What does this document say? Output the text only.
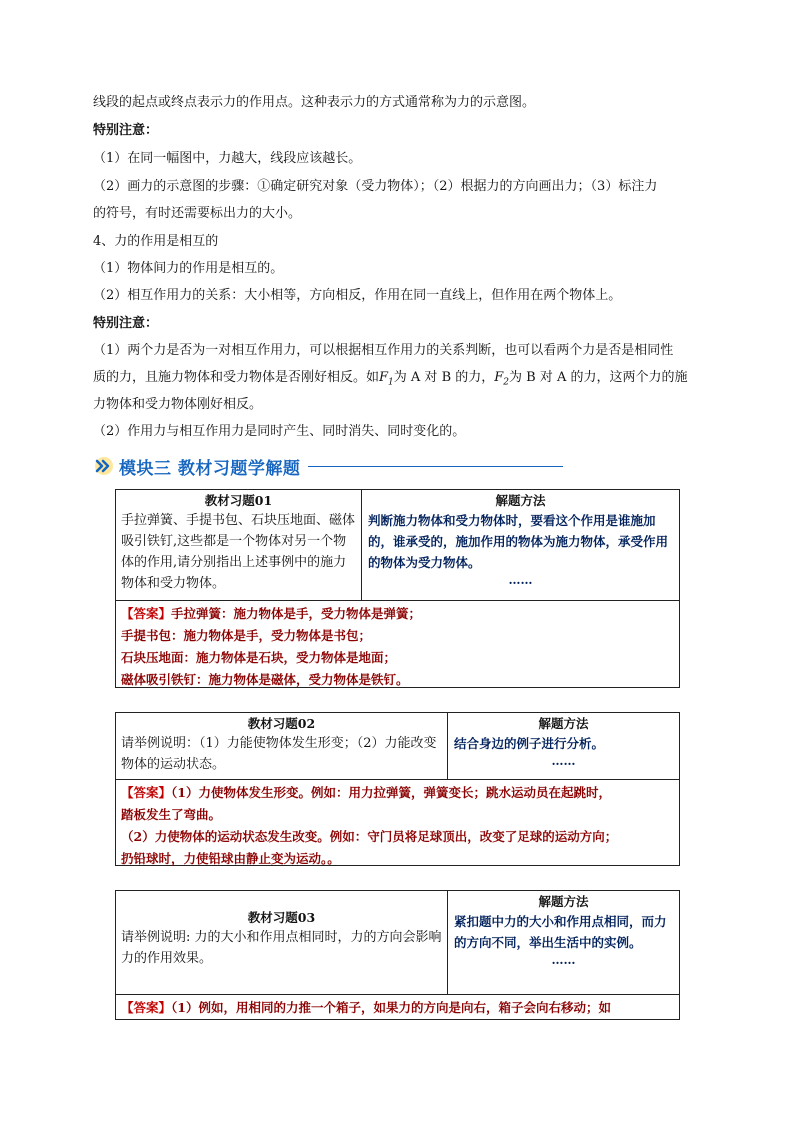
线段的起点或终点表示力的作用点。这种表示力的方式通常称为力的示意图。
特别注意：
（1）在同一幅图中，力越大，线段应该越长。
（2）画力的示意图的步骤：①确定研究对象（受力物体）；（2）根据力的方向画出力；（3）标注力
的符号，有时还需要标出力的大小。
4、力的作用是相互的
（1）物体间力的作用是相互的。
（2）相互作用力的关系：大小相等，方向相反，作用在同一直线上，但作用在两个物体上。
特别注意：
（1）两个力是否为一对相互作用力，可以根据相互作用力的关系判断，也可以看两个力是否是相同性
质的力，且施力物体和受力物体是否刚好相反。如$F_1$为 A 对 B 的力，$F_2$为 B 对 A 的力，这两个力的施
力物体和受力物体刚好相反。
（2）作用力与相互作用力是同时产生、同时消失、同时变化的。
模块三 教材习题学解题
教材习题01
手拉弹簧、手提书包、石块压地面、磁体吸引铁钉,这些都是一个物体对另一个物体的作用,请分别指出上述事例中的施力物体和受力物体。
解题方法
判断施力物体和受力物体时，要看这个作用是谁施加的，谁承受的，施加作用的物体为施力物体，承受作用的物体为受力物体。
……
【答案】手拉弹簧：施力物体是手，受力物体是弹簧；
手提书包：施力物体是手，受力物体是书包；
石块压地面：施力物体是石块，受力物体是地面；
磁体吸引铁钉：施力物体是磁体，受力物体是铁钉。
教材习题02
请举例说明：（1）力能使物体发生形变；（2）力能改变物体的运动状态。
解题方法
结合身边的例子进行分析。
……
【答案】（1）力使物体发生形变。例如：用力拉弹簧，弹簧变长；跳水运动员在起跳时，
踏板发生了弯曲。
（2）力使物体的运动状态发生改变。例如：守门员将足球顶出，改变了足球的运动方向；
扔铅球时，力使铅球由静止变为运动。。
教材习题03
请举例说明: 力的大小和作用点相同时，力的方向会影响力的作用效果。
解题方法
紧扣题中力的大小和作用点相同，而力的方向不同，举出生活中的实例。
……
【答案】（1）例如，用相同的力推一个箱子，如果力的方向是向右，箱子会向右移动；如
